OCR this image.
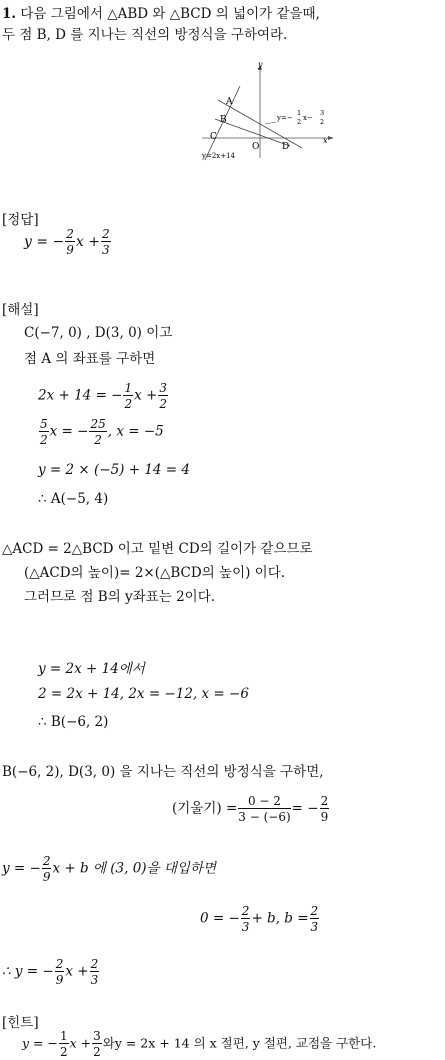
1. 다음 그림에서 △ABD 와 △BCD 의 넓이가 같을때,
두 점 B, D 를 지나는 직선의 방정식을 구하여라.
y
x
O
A
B
C
D
y=−
1
2 x−
3
2
y=2x+14
[정답]
y = − $\frac{2}{9}$ $x + \frac{2}{3}$
[해설]
C(−7, 0) , D(3, 0) 이고
점 A 의 좌표를 구하면
2x + 14 = − $\frac{1}{2}$ $x + \frac{3}{2}$
$\frac{5}{2}$ x = − $\frac{25}{2}$ , x = −5
y = 2 × (−5) + 14 = 4
∴ A(−5, 4)
△ACD = 2△BCD 이고 밑변 CD의 길이가 같으므로
(△ACD의 높이)= 2×(△BCD의 높이) 이다.
그러므로 점 B의 y좌표는 2이다.
y = 2x + 14에서
2 = 2x + 14, 2x = −12, x = −6
∴ B(−6, 2)
B(−6, 2), D(3, 0) 을 지나는 직선의 방정식을 구하면,
(기울기) = $\frac{0 - 2}{3 - (-6)}$ = − $\frac{2}{9}$
y = − $\frac{2}{9}$ x + b 에 (3, 0)을 대입하면
0 = − $\frac{2}{3} + b$, $b = \frac{2}{3}$
∴ y = − $\frac{2}{9}$ $x + \frac{2}{3}$
[힌트]
y = − $\frac{1}{2}$ $x + \frac{3}{2}$ 와y = 2x + 14 의 x 절편, y 절편, 교점을 구한다.
